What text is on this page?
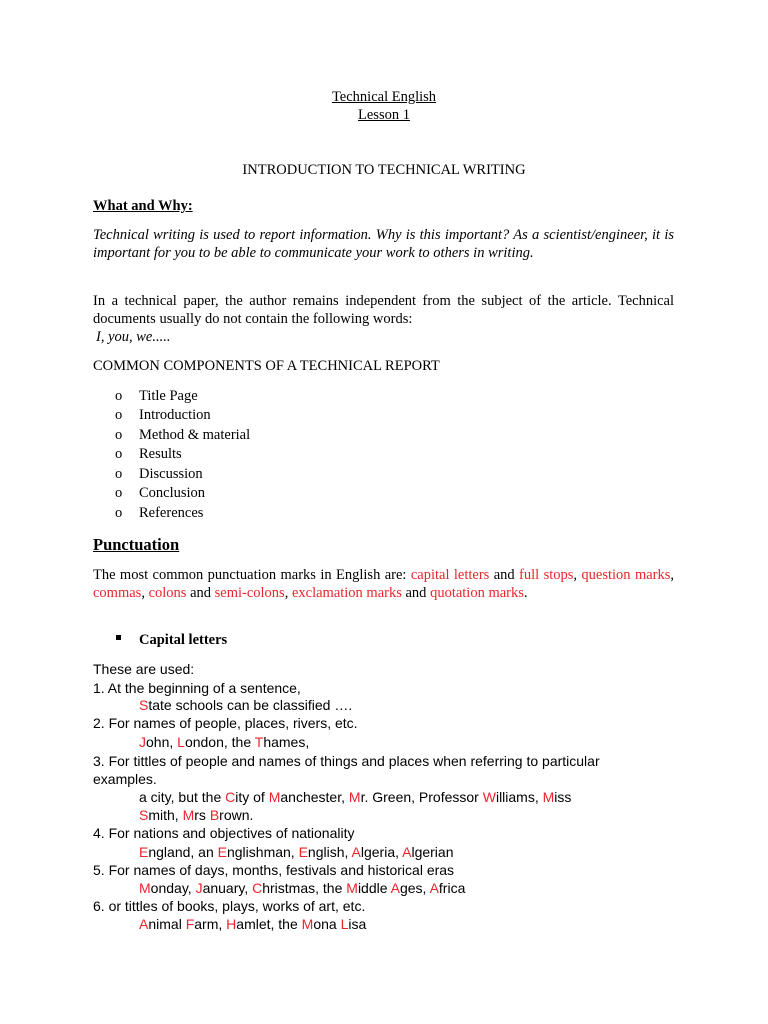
Technical English
Lesson 1
INTRODUCTION TO TECHNICAL WRITING
What and Why:
Technical writing is used to report information. Why is this important? As a scientist/engineer, it is important for you to be able to communicate your work to others in writing.
In a technical paper, the author remains independent from the subject of the article. Technical documents usually do not contain the following words:
I, you, we.....
COMMON COMPONENTS OF A TECHNICAL REPORT
o Title Page
o Introduction
o Method & material
o Results
o Discussion
o Conclusion
o References
Punctuation
The most common punctuation marks in English are: capital letters and full stops, question marks, commas, colons and semi-colons, exclamation marks and quotation marks.
Capital letters
These are used:
1. At the beginning of a sentence,
State schools can be classified ….
2. For names of people, places, rivers, etc.
John, London, the Thames,
3. For tittles of people and names of things and places when referring to particular
examples.
a city, but the City of Manchester, Mr. Green, Professor Williams, Miss
Smith, Mrs Brown.
4. For nations and objectives of nationality
England, an Englishman, English, Algeria, Algerian
5. For names of days, months, festivals and historical eras
Monday, January, Christmas, the Middle Ages, Africa
6. or tittles of books, plays, works of art, etc.
Animal Farm, Hamlet, the Mona Lisa
